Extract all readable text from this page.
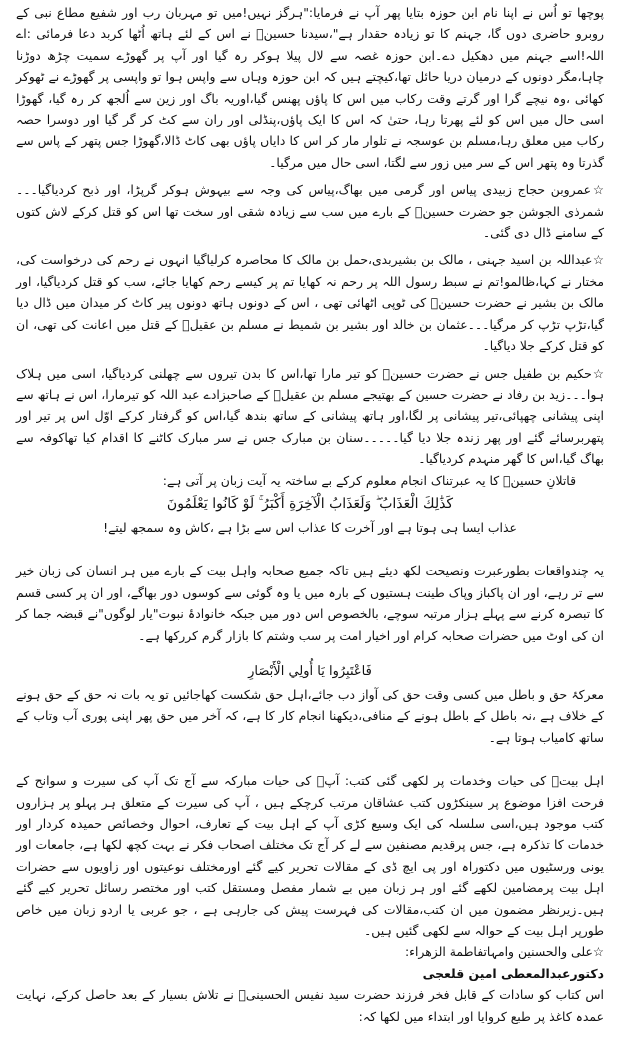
پوچھا تو اُس نے اپنا نام ابن حوزہ بتایا پھر آپ نے فرمایا:"ہرگز نہیں!میں تو مہربان رب اور شفیع مطاع نبی کے روبرو حاضری دوں گا، جہنم کا تو زیادہ حقدار ہے"،سیدنا حسینؓ نے اس کے لئے ہاتھ اُٹھا کربد دعا فرمائی :اے اللہ!اسے جہنم میں دھکیل دے۔ابن حوزہ غصہ سے لال پیلا ہوکر رہ گیا اور آپ پر گھوڑے سمیت چڑھ دوڑنا چاہا،مگر دونوں کے درمیان دریا حائل تھا،کیچتے ہیں کہ ابن حوزہ وہاں سے واپس ہوا تو واپسی پر گھوڑے نے ٹھوکر کھائی ،وہ نیچے گرا اور گرتے وقت رکاب میں اس کا پاؤں پھنس گیا،اوریہ باگ اور زین سے اُلجھ کر رہ گیا، گھوڑا اسی حال میں اس کو لئے پھرتا رہا، حتیٰ کہ اس کا ایک پاؤں،پنڈلی اور ران سے کٹ کر گر گیا اور دوسرا حصہ رکاب میں معلق رہا،مسلم بن عوسجہ نے تلوار مار کر اس کا دایاں پاؤں بھی کاٹ ڈالا،گھوڑا جس پتھر کے پاس سے گذرتا وہ پتھر اس کے سر میں زور سے لگتا، اسی حال میں مرگیا۔

☆عمروبن حجاج زبیدی پیاس اور گرمی میں بھاگ،پیاس کی وجہ سے بیہوش ہوکر گرپڑا، اور ذبح کردیاگیا۔۔۔شمرذی الجوشن جو حضرت حسینؓ کے بارے میں سب سے زیادہ شقی اور سخت تھا اس کو قتل کرکے لاش کتوں کے سامنے ڈال دی گئی۔

☆عبداللہ بن اسید جہنی ، مالک بن بشیربدی،حمل بن مالک کا محاصرہ کرلیاگیا انہوں نے رحم کی درخواست کی، مختار نے کہا،ظالمو!تم نے سبط رسول اللہ پر رحم نہ کھایا تم پر کیسے رحم کھایا جائے، سب کو قتل کردیاگیا، اور مالک بن بشیر نے حضرت حسینؓ کی ٹوپی اٹھائی تھی ، اس کے دونوں ہاتھ دونوں پیر کاٹ کر میدان میں ڈال دیا گیا،تڑپ تڑپ کر مرگیا۔۔۔عثمان بن خالد اور بشیر بن شمیط نے مسلم بن عقیلؓ کے قتل میں اعانت کی تھی، ان کو قتل کرکے جلا دیاگیا۔

☆حکیم بن طفیل جس نے حضرت حسینؓ کو تیر مارا تھا،اس کا بدن تیروں سے چھلنی کردیاگیا، اسی میں ہلاک ہوا۔۔۔زید بن رفاد نے حضرت حسین کے بھتیجے مسلم بن عقیلؓ کے صاحبزادے عبد اللہ کو تیرمارا، اس نے ہاتھ سے اپنی پیشانی چھپائی،تیر پیشانی پر لگا،اور ہاتھ پیشانی کے ساتھ بندھ گیا،اس کو گرفتار کرکے اوّل اس پر تیر اور پتھربرسائے گئے اور پھر زندہ جلا دیا گیا۔۔۔۔۔سنان بن مبارک جس نے سر مبارک کاٹنے کا اقدام کیا تھاکوفہ سے بھاگ گیا،اس کا گھر منہدم کردیاگیا۔

قاتلانِ حسینؓ کا یہ عبرتناک انجام معلوم کرکے بے ساختہ یہ آیت زبان پر آتی ہے:

كَذَٰلِكَ الْعَذَابُ ۖ وَلَعَذَابُ الْآخِرَةِ أَكْبَرُ ۚ لَوْ كَانُوا يَعْلَمُونَ

عذاب ایسا ہی ہوتا ہے اور آخرت کا عذاب اس سے بڑا ہے ،کاش وہ سمجھ لیتے!

یہ چندواقعات بطورعبرت ونصیحت لکھ دیئے ہیں تاکہ جمیع صحابہ واہل بیت کے بارے میں ہر انسان کی زبان خیر سے تر رہے، اور ان پاکباز وپاک طینت ہستیوں کے بارہ میں یا وہ گوئی سے کوسوں دور بھاگے، اور ان پر کسی قسم کا تبصرہ کرنے سے پہلے ہزار مرتبہ سوچے، بالخصوص اس دور میں جبکہ خانوادۂ نبوت"یار لوگوں"نے قبضہ جما کر ان کی اوٹ میں حضرات صحابہ کرام اور اخیار امت پر سب وشتم کا بازار گرم کررکھا ہے۔

فَاعْتَبِرُوا يَا أُولِي الْأَبْصَارِ

معرکۂ حق و باطل میں کسی وقت حق کی آواز دب جائے،اہل حق شکست کھاجائیں تو یہ بات نہ حق کے حق ہونے کے خلاف ہے ،نہ باطل کے باطل ہونے کے منافی،دیکھنا انجام کار کا ہے، کہ آخر میں حق پھر اپنی پوری آب وتاب کے ساتھ کامیاب ہوتا ہے۔

اہل بیتؓ کی حیات وخدمات پر لکھی گئی کتب: آپؓ کی حیات مبارکہ سے آج تک آپ کی سیرت و سوانح کے فرحت افزا موضوع پر سینکڑوں کتب عشاقان مرتب کرچکے ہیں ، آپ کی سیرت کے متعلق ہر پہلو پر ہزاروں کتب موجود ہیں،اسی سلسلہ کی ایک وسیع کڑی آپ کے اہل بیت کے تعارف، احوال وخصائص حمیدہ کردار اور خدمات کا تذکرہ ہے، جس پرقدیم مصنفین سے لے کر آج تک مختلف اصحاب فکر نے بہت کچھ لکھا ہے، جامعات اور یونی ورسٹیوں میں دکتوراہ اور پی ایچ ڈی کے مقالات تحریر کیے گئے اورمختلف نوعیتوں اور زاویوں سے حضرات اہل بیت پرمضامین لکھے گئے اور ہر زبان میں بے شمار مفصل ومستقل کتب اور مختصر رسائل تحریر کیے گئے ہیں۔زیرنظر مضمون میں ان کتب،مقالات کی فہرست پیش کی جارہی ہے ، جو عربی یا اردو زبان میں خاص طورپر اہل بیت کے حوالہ سے لکھی گئیں ہیں۔

☆علی والحسنین وامہاتفاطمة الزھراء:

دکتورعبدالمعطی امین قلعجی

اس کتاب کو سادات کے قابل فخر فرزند حضرت سید نفیس الحسینیؒ نے تلاش بسیار کے بعد حاصل کرکے، نہایت عمدہ کاغذ پر طبع کروایا اور ابتداء میں لکھا کہ:
